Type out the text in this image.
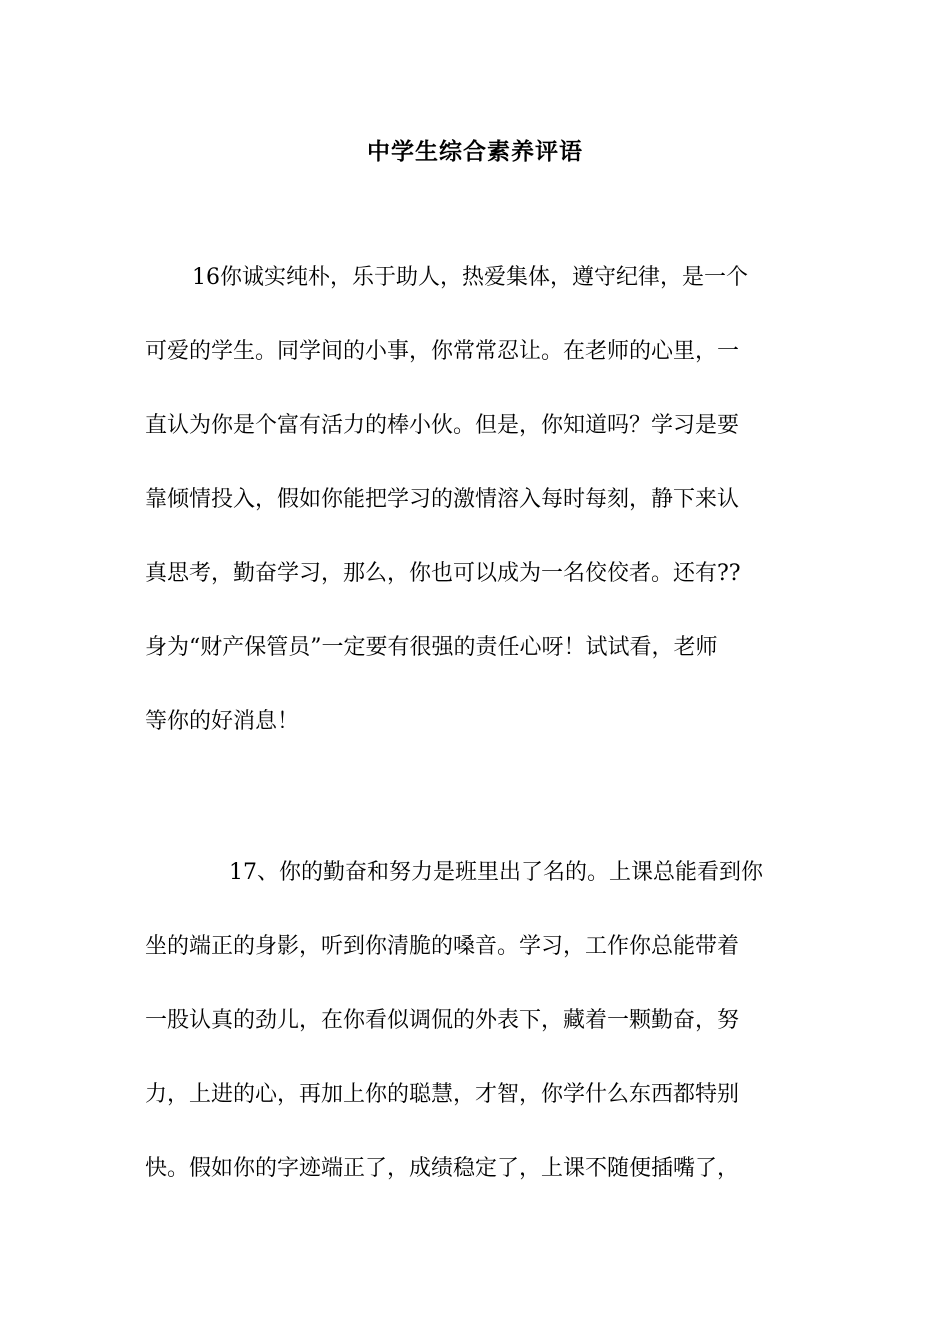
中学生综合素养评语
16你诚实纯朴，乐于助人，热爱集体，遵守纪律，是一个
可爱的学生。同学间的小事，你常常忍让。在老师的心里，一
直认为你是个富有活力的棒小伙。但是，你知道吗？学习是要
靠倾情投入，假如你能把学习的激情溶入每时每刻，静下来认
真思考，勤奋学习，那么，你也可以成为一名佼佼者。还有??
身为“财产保管员”一定要有很强的责任心呀！试试看，老师
等你的好消息！
17、你的勤奋和努力是班里出了名的。上课总能看到你
坐的端正的身影，听到你清脆的嗓音。学习，工作你总能带着
一股认真的劲儿，在你看似调侃的外表下，藏着一颗勤奋，努
力，上进的心，再加上你的聪慧，才智，你学什么东西都特别
快。假如你的字迹端正了，成绩稳定了，上课不随便插嘴了，
